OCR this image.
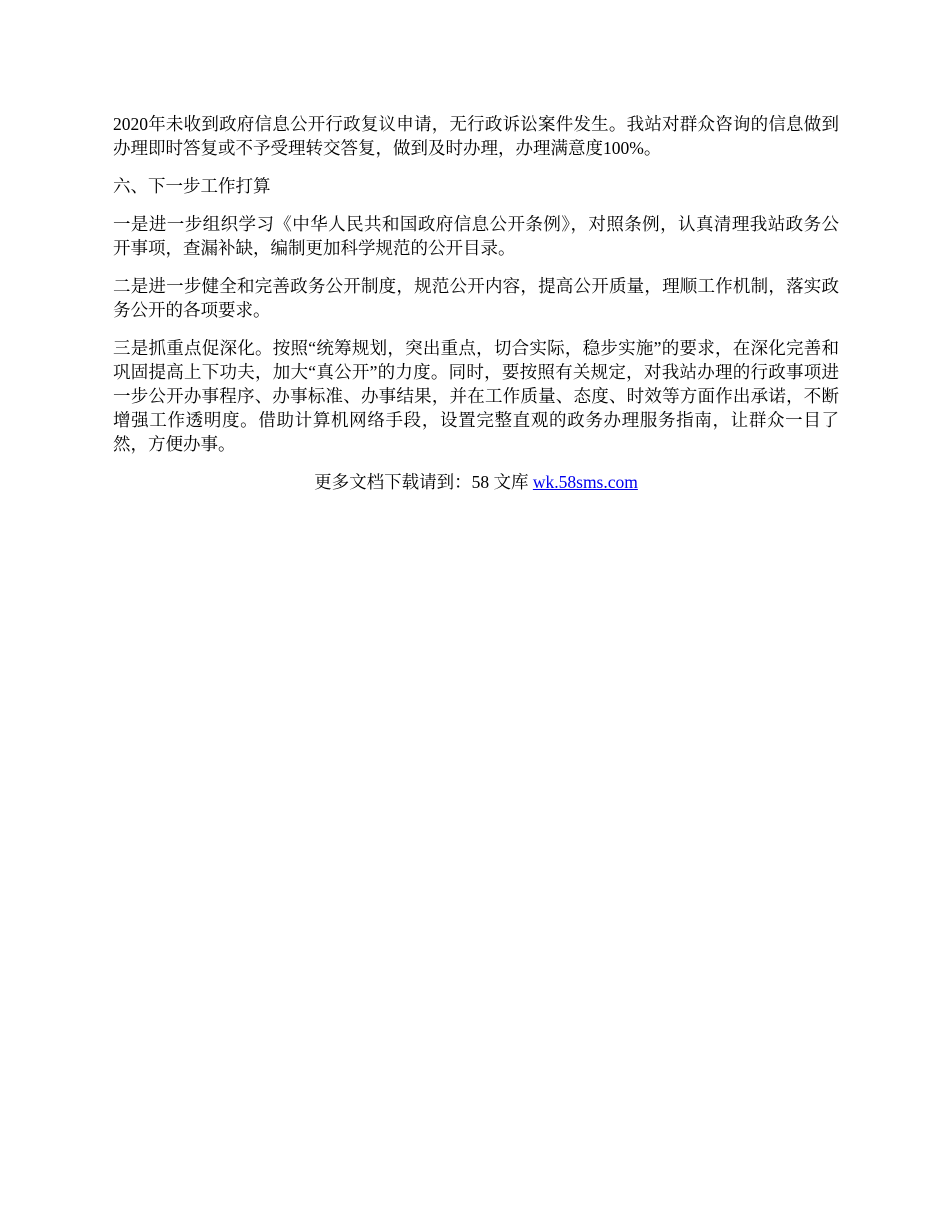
2020年未收到政府信息公开行政复议申请，无行政诉讼案件发生。我站对群众咨询的信息做到办理即时答复或不予受理转交答复，做到及时办理，办理满意度100%。

六、下一步工作打算

一是进一步组织学习《中华人民共和国政府信息公开条例》，对照条例，认真清理我站政务公开事项，查漏补缺，编制更加科学规范的公开目录。

二是进一步健全和完善政务公开制度，规范公开内容，提高公开质量，理顺工作机制，落实政务公开的各项要求。

三是抓重点促深化。按照“统筹规划，突出重点，切合实际，稳步实施”的要求，在深化完善和巩固提高上下功夫，加大“真公开”的力度。同时，要按照有关规定，对我站办理的行政事项进一步公开办事程序、办事标准、办事结果，并在工作质量、态度、时效等方面作出承诺，不断增强工作透明度。借助计算机网络手段，设置完整直观的政务办理服务指南，让群众一目了然，方便办事。

更多文档下载请到：58 文库 wk.58sms.com
